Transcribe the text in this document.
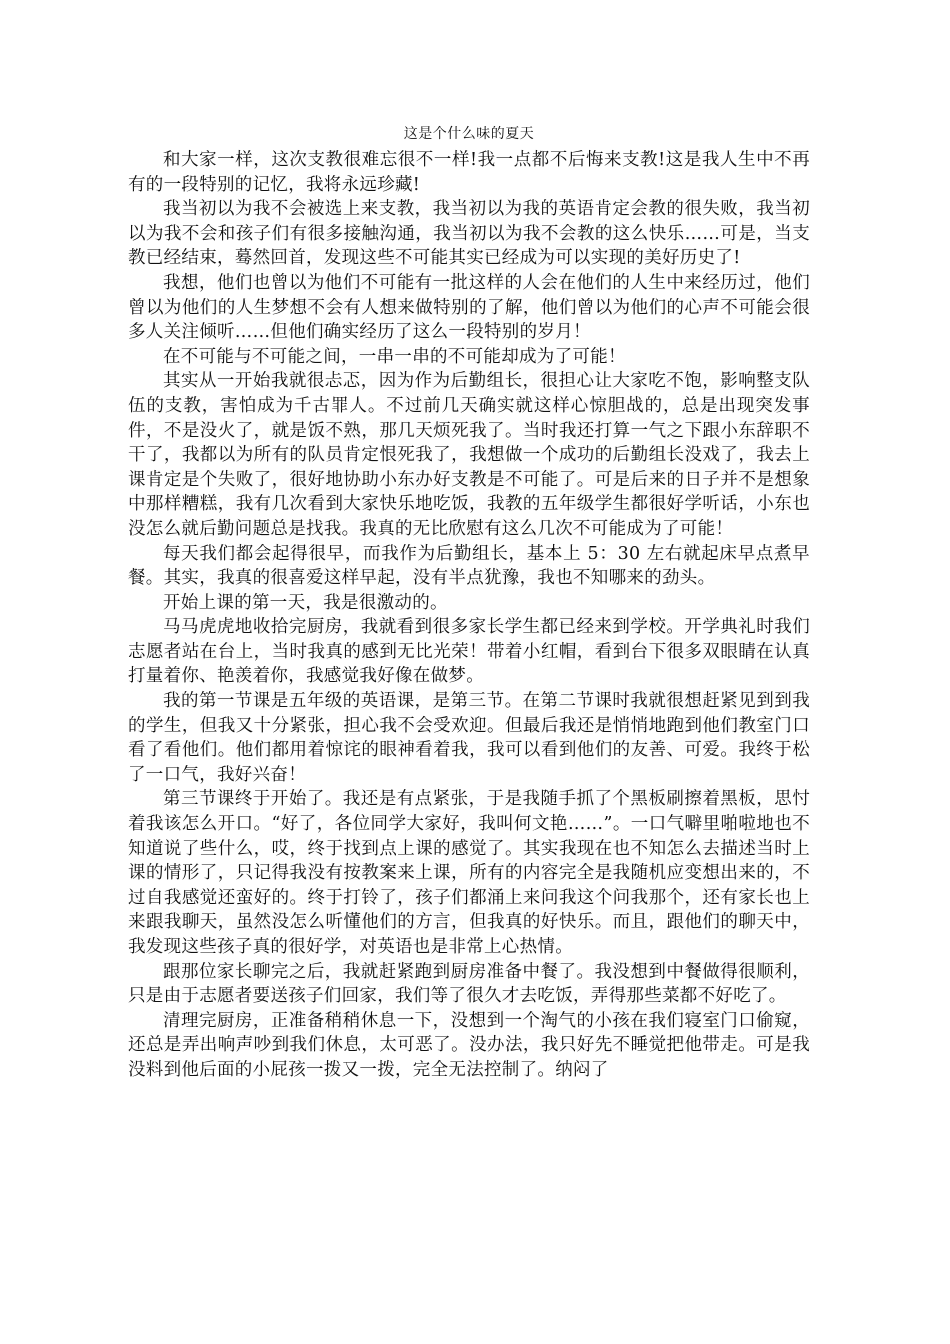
这是个什么味的夏天

和大家一样，这次支教很难忘很不一样!我一点都不后悔来支教!这是我人生中不再有的一段特别的记忆，我将永远珍藏!

我当初以为我不会被选上来支教，我当初以为我的英语肯定会教的很失败，我当初以为我不会和孩子们有很多接触沟通，我当初以为我不会教的这么快乐……可是，当支教已经结束，蓦然回首，发现这些不可能其实已经成为可以实现的美好历史了!

我想，他们也曾以为他们不可能有一批这样的人会在他们的人生中来经历过，他们曾以为他们的人生梦想不会有人想来做特别的了解，他们曾以为他们的心声不可能会很多人关注倾听……但他们确实经历了这么一段特别的岁月！

在不可能与不可能之间，一串一串的不可能却成为了可能！

其实从一开始我就很忐忑，因为作为后勤组长，很担心让大家吃不饱，影响整支队伍的支教，害怕成为千古罪人。不过前几天确实就这样心惊胆战的，总是出现突发事件，不是没火了，就是饭不熟，那几天烦死我了。当时我还打算一气之下跟小东辞职不干了，我都以为所有的队员肯定恨死我了，我想做一个成功的后勤组长没戏了，我去上课肯定是个失败了，很好地协助小东办好支教是不可能了。可是后来的日子并不是想象中那样糟糕，我有几次看到大家快乐地吃饭，我教的五年级学生都很好学听话，小东也没怎么就后勤问题总是找我。我真的无比欣慰有这么几次不可能成为了可能！

每天我们都会起得很早，而我作为后勤组长，基本上 5：30 左右就起床早点煮早餐。其实，我真的很喜爱这样早起，没有半点犹豫，我也不知哪来的劲头。

开始上课的第一天，我是很激动的。

马马虎虎地收拾完厨房，我就看到很多家长学生都已经来到学校。开学典礼时我们志愿者站在台上，当时我真的感到无比光荣！带着小红帽，看到台下很多双眼睛在认真打量着你、艳羡着你，我感觉我好像在做梦。

我的第一节课是五年级的英语课，是第三节。在第二节课时我就很想赶紧见到到我的学生，但我又十分紧张，担心我不会受欢迎。但最后我还是悄悄地跑到他们教室门口看了看他们。他们都用着惊诧的眼神看着我，我可以看到他们的友善、可爱。我终于松了一口气，我好兴奋！

第三节课终于开始了。我还是有点紧张，于是我随手抓了个黑板刷擦着黑板，思忖着我该怎么开口。“好了，各位同学大家好，我叫何文艳……”。一口气噼里啪啦地也不知道说了些什么，哎，终于找到点上课的感觉了。其实我现在也不知怎么去描述当时上课的情形了，只记得我没有按教案来上课，所有的内容完全是我随机应变想出来的，不过自我感觉还蛮好的。终于打铃了，孩子们都涌上来问我这个问我那个，还有家长也上来跟我聊天，虽然没怎么听懂他们的方言，但我真的好快乐。而且，跟他们的聊天中，我发现这些孩子真的很好学，对英语也是非常上心热情。

跟那位家长聊完之后，我就赶紧跑到厨房准备中餐了。我没想到中餐做得很顺利，只是由于志愿者要送孩子们回家，我们等了很久才去吃饭，弄得那些菜都不好吃了。

清理完厨房，正准备稍稍休息一下，没想到一个淘气的小孩在我们寝室门口偷窥，还总是弄出响声吵到我们休息，太可恶了。没办法，我只好先不睡觉把他带走。可是我没料到他后面的小屁孩一拨又一拨，完全无法控制了。纳闷了
